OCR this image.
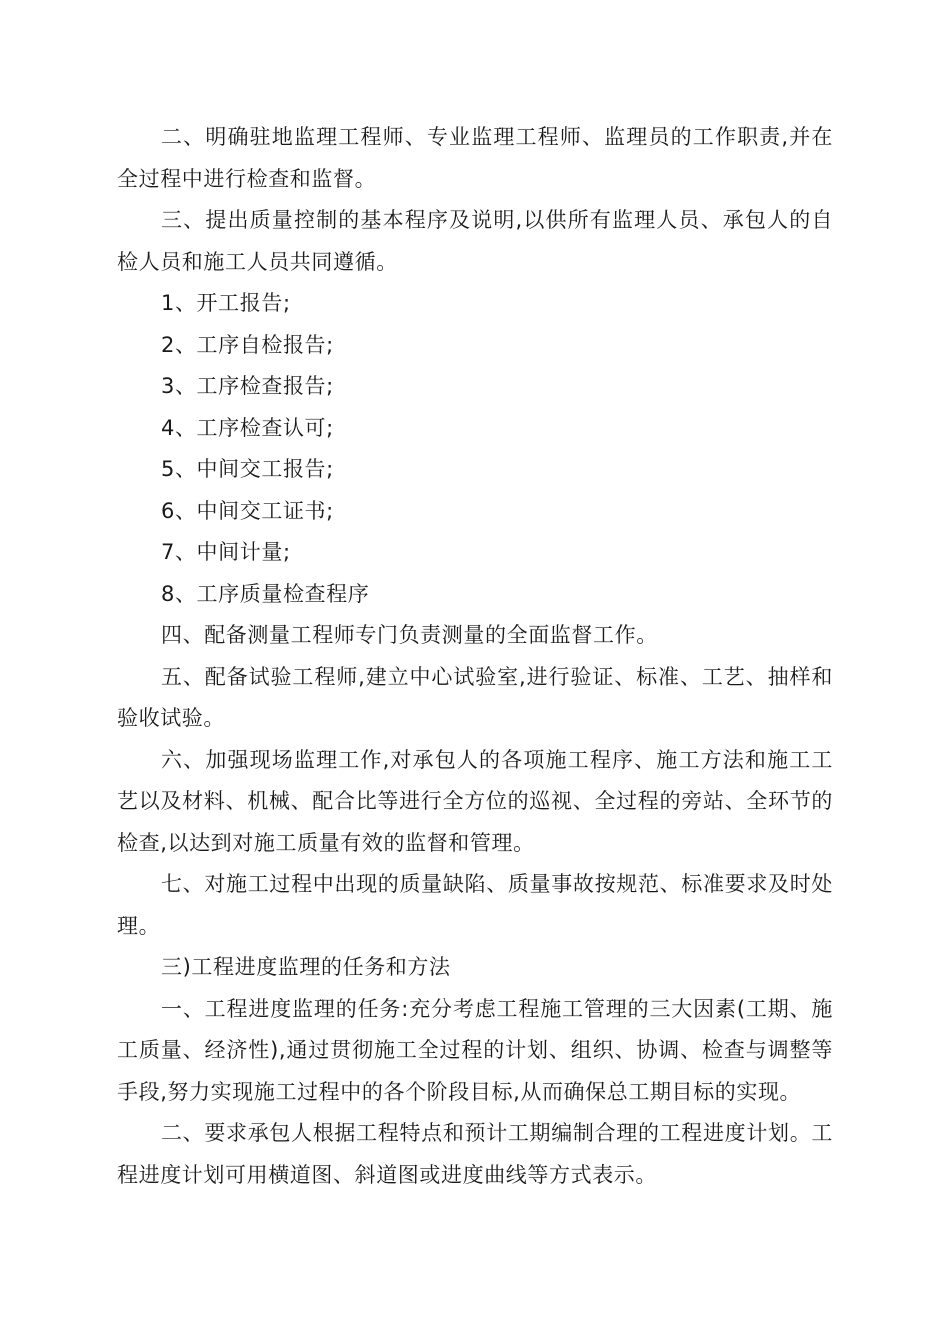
二、明确驻地监理工程师、专业监理工程师、监理员的工作职责,并在全过程中进行检查和监督。

三、提出质量控制的基本程序及说明,以供所有监理人员、承包人的自检人员和施工人员共同遵循。

1、开工报告;

2、工序自检报告;

3、工序检查报告;

4、工序检查认可;

5、中间交工报告;

6、中间交工证书;

7、中间计量;

8、工序质量检查程序

四、配备测量工程师专门负责测量的全面监督工作。

五、配备试验工程师,建立中心试验室,进行验证、标准、工艺、抽样和验收试验。

六、加强现场监理工作,对承包人的各项施工程序、施工方法和施工工艺以及材料、机械、配合比等进行全方位的巡视、全过程的旁站、全环节的检查,以达到对施工质量有效的监督和管理。

七、对施工过程中出现的质量缺陷、质量事故按规范、标准要求及时处理。

三)工程进度监理的任务和方法

一、工程进度监理的任务:充分考虑工程施工管理的三大因素(工期、施工质量、经济性),通过贯彻施工全过程的计划、组织、协调、检查与调整等手段,努力实现施工过程中的各个阶段目标,从而确保总工期目标的实现。

二、要求承包人根据工程特点和预计工期编制合理的工程进度计划。工程进度计划可用横道图、斜道图或进度曲线等方式表示。
